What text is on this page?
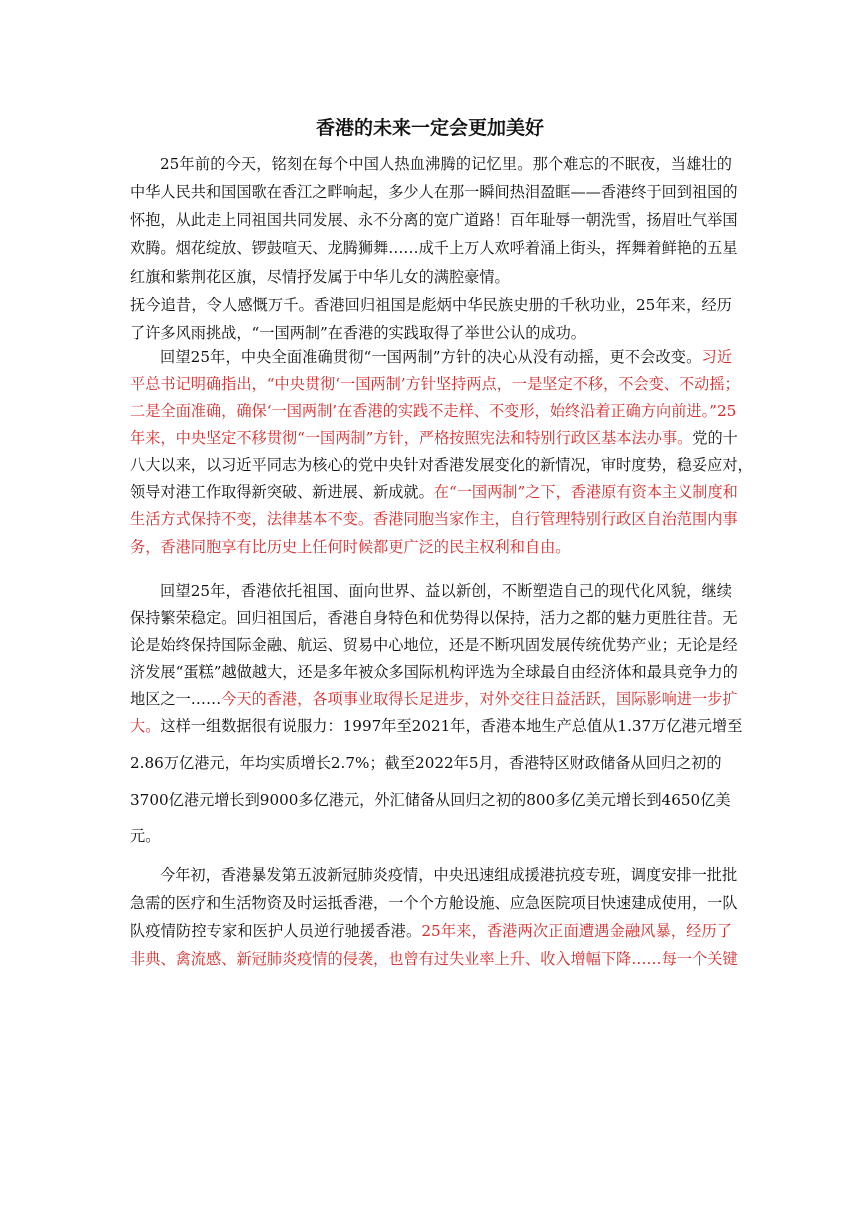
香港的未来一定会更加美好
25年前的今天，铭刻在每个中国人热血沸腾的记忆里。那个难忘的不眠夜，当雄壮的
中华人民共和国国歌在香江之畔响起，多少人在那一瞬间热泪盈眶——香港终于回到祖国的
怀抱，从此走上同祖国共同发展、永不分离的宽广道路！百年耻辱一朝洗雪，扬眉吐气举国
欢腾。烟花绽放、锣鼓喧天、龙腾狮舞……成千上万人欢呼着涌上街头，挥舞着鲜艳的五星
红旗和紫荆花区旗，尽情抒发属于中华儿女的满腔豪情。
抚今追昔，令人感慨万千。香港回归祖国是彪炳中华民族史册的千秋功业，25年来，经历
了许多风雨挑战，“一国两制”在香港的实践取得了举世公认的成功。
回望25年，中央全面准确贯彻“一国两制”方针的决心从没有动摇，更不会改变。习近
平总书记明确指出，“中央贯彻‘一国两制’方针坚持两点，一是坚定不移，不会变、不动摇；
二是全面准确，确保‘一国两制’在香港的实践不走样、不变形，始终沿着正确方向前进。”25
年来，中央坚定不移贯彻“一国两制”方针，严格按照宪法和特别行政区基本法办事。党的十
八大以来，以习近平同志为核心的党中央针对香港发展变化的新情况，审时度势，稳妥应对，
领导对港工作取得新突破、新进展、新成就。在“一国两制”之下，香港原有资本主义制度和
生活方式保持不变，法律基本不变。香港同胞当家作主，自行管理特别行政区自治范围内事
务，香港同胞享有比历史上任何时候都更广泛的民主权利和自由。
回望25年，香港依托祖国、面向世界、益以新创，不断塑造自己的现代化风貌，继续
保持繁荣稳定。回归祖国后，香港自身特色和优势得以保持，活力之都的魅力更胜往昔。无
论是始终保持国际金融、航运、贸易中心地位，还是不断巩固发展传统优势产业；无论是经
济发展“蛋糕”越做越大，还是多年被众多国际机构评选为全球最自由经济体和最具竞争力的
地区之一……今天的香港，各项事业取得长足进步，对外交往日益活跃，国际影响进一步扩
大。这样一组数据很有说服力：1997年至2021年，香港本地生产总值从1.37万亿港元增至
2.86万亿港元，年均实质增长2.7%；截至2022年5月，香港特区财政储备从回归之初的
3700亿港元增长到9000多亿港元，外汇储备从回归之初的800多亿美元增长到4650亿美
元。
今年初，香港暴发第五波新冠肺炎疫情，中央迅速组成援港抗疫专班，调度安排一批批
急需的医疗和生活物资及时运抵香港，一个个方舱设施、应急医院项目快速建成使用，一队
队疫情防控专家和医护人员逆行驰援香港。25年来，香港两次正面遭遇金融风暴，经历了
非典、禽流感、新冠肺炎疫情的侵袭，也曾有过失业率上升、收入增幅下降……每一个关键
